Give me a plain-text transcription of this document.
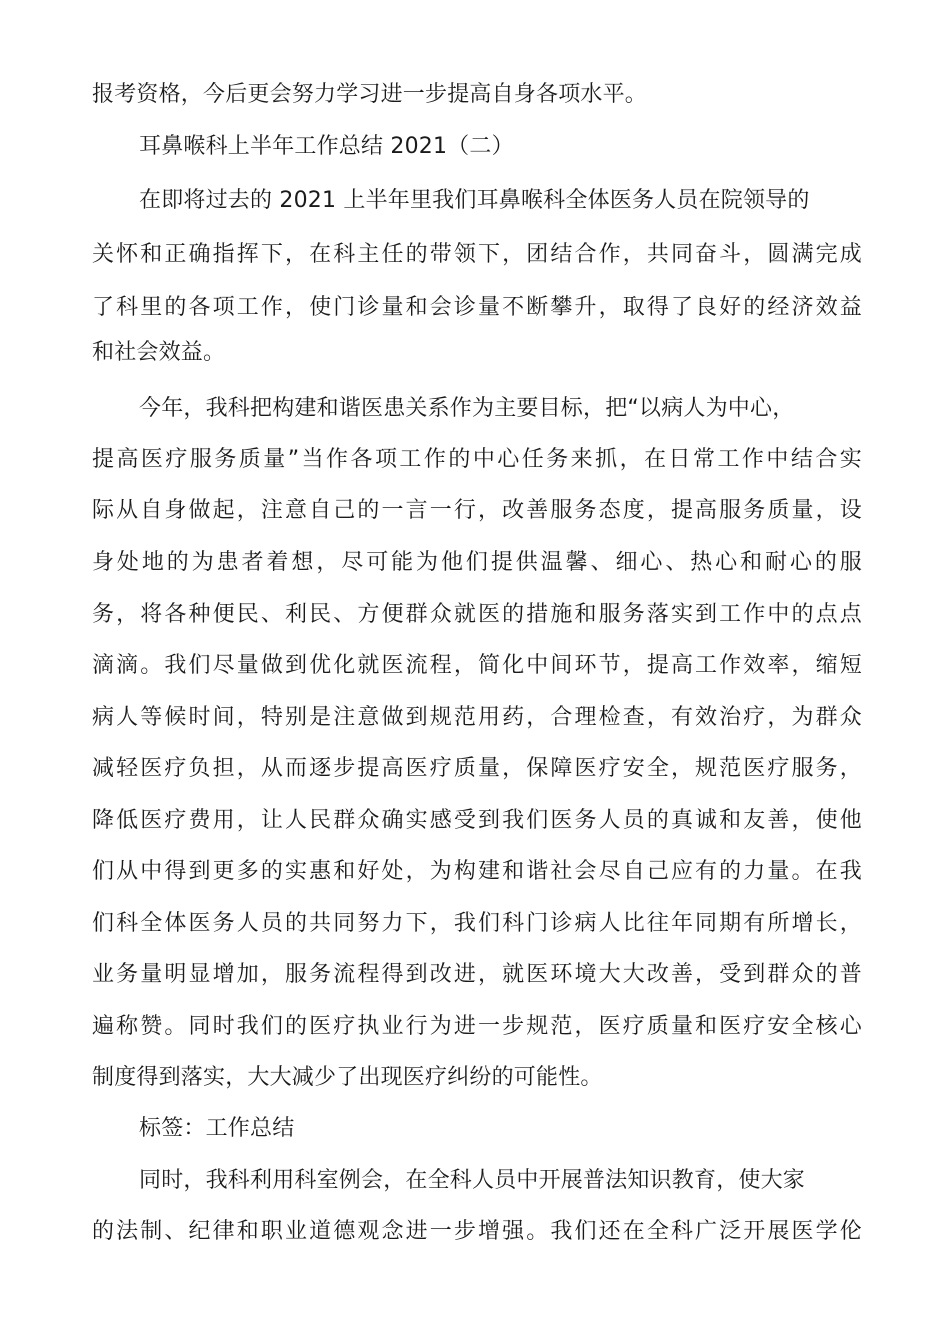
报考资格，今后更会努力学习进一步提高自身各项水平。
耳鼻喉科上半年工作总结 2021（二）
在即将过去的 2021 上半年里我们耳鼻喉科全体医务人员在院领导的
关怀和正确指挥下，在科主任的带领下，团结合作，共同奋斗，圆满完成
了科里的各项工作，使门诊量和会诊量不断攀升，取得了良好的经济效益
和社会效益。
今年，我科把构建和谐医患关系作为主要目标，把“以病人为中心，
提高医疗服务质量”当作各项工作的中心任务来抓，在日常工作中结合实
际从自身做起，注意自己的一言一行，改善服务态度，提高服务质量，设
身处地的为患者着想，尽可能为他们提供温馨、细心、热心和耐心的服
务，将各种便民、利民、方便群众就医的措施和服务落实到工作中的点点
滴滴。我们尽量做到优化就医流程，简化中间环节，提高工作效率，缩短
病人等候时间，特别是注意做到规范用药，合理检查，有效治疗，为群众
减轻医疗负担，从而逐步提高医疗质量，保障医疗安全，规范医疗服务，
降低医疗费用，让人民群众确实感受到我们医务人员的真诚和友善，使他
们从中得到更多的实惠和好处，为构建和谐社会尽自己应有的力量。在我
们科全体医务人员的共同努力下，我们科门诊病人比往年同期有所增长，
业务量明显增加，服务流程得到改进，就医环境大大改善，受到群众的普
遍称赞。同时我们的医疗执业行为进一步规范，医疗质量和医疗安全核心
制度得到落实，大大减少了出现医疗纠纷的可能性。
标签：工作总结
同时，我科利用科室例会，在全科人员中开展普法知识教育，使大家
的法制、纪律和职业道德观念进一步增强。我们还在全科广泛开展医学伦
